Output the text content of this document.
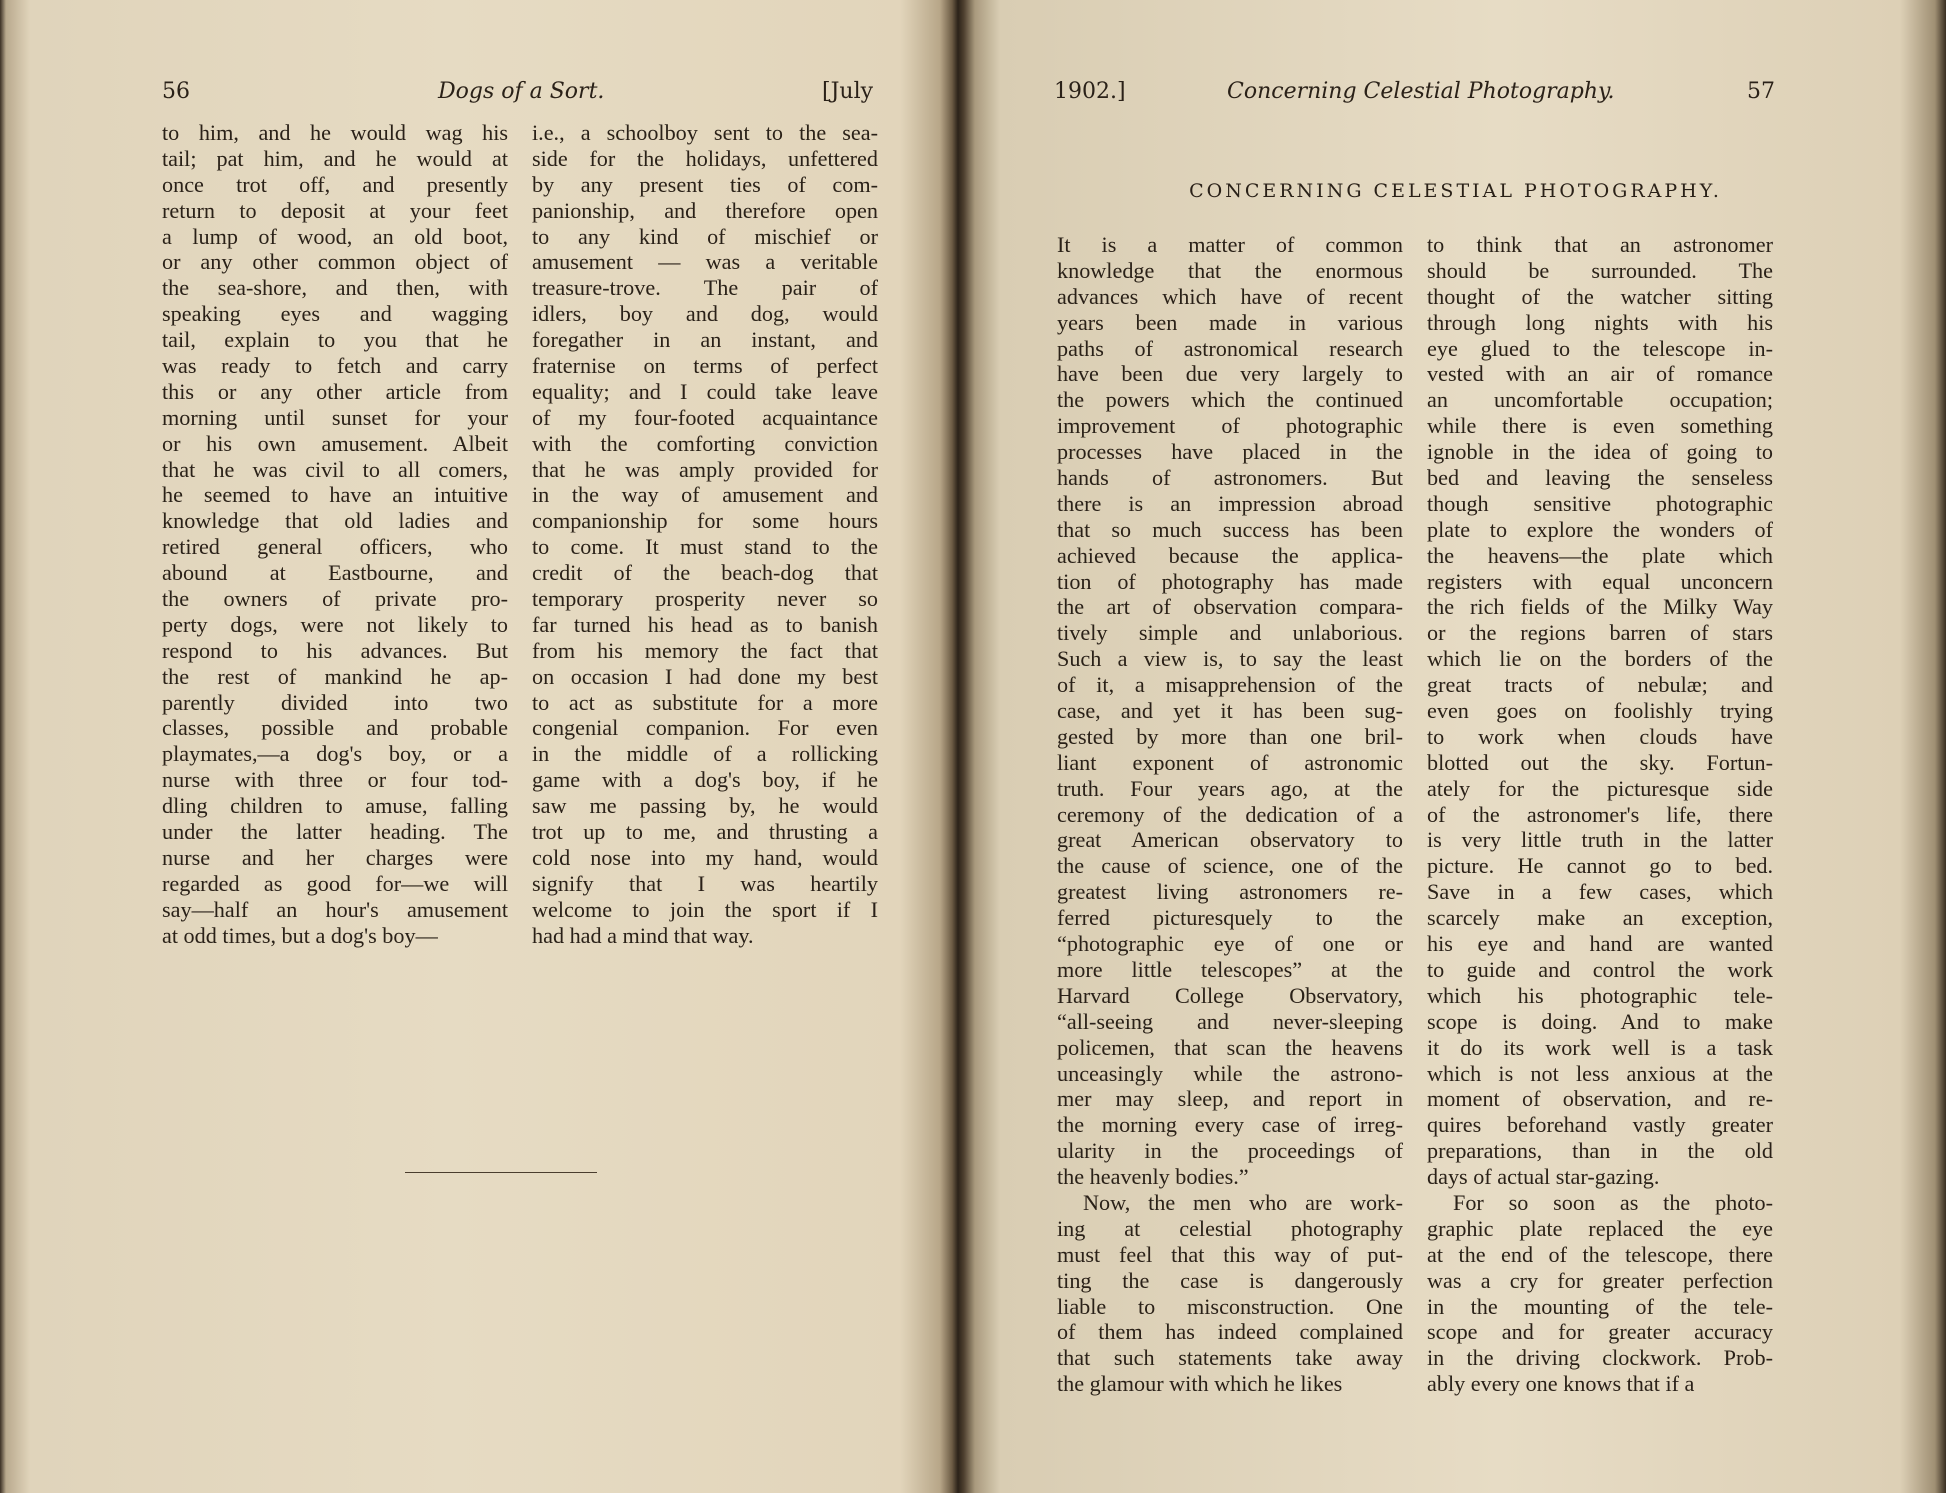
56	Dogs of a Sort.	[July
to him, and he would wag his
tail; pat him, and he would at
once trot off, and presently
return to deposit at your feet
a lump of wood, an old boot,
or any other common object of
the sea-shore, and then, with
speaking eyes and wagging
tail, explain to you that he
was ready to fetch and carry
this or any other article from
morning until sunset for your
or his own amusement. Albeit
that he was civil to all comers,
he seemed to have an intuitive
knowledge that old ladies and
retired general officers, who
abound at Eastbourne, and
the owners of private pro-
perty dogs, were not likely to
respond to his advances. But
the rest of mankind he ap-
parently divided into two
classes, possible and probable
playmates,—a dog's boy, or a
nurse with three or four tod-
dling children to amuse, falling
under the latter heading. The
nurse and her charges were
regarded as good for—we will
say—half an hour's amusement
at odd times, but a dog's boy—
i.e., a schoolboy sent to the sea-
side for the holidays, unfettered
by any present ties of com-
panionship, and therefore open
to any kind of mischief or
amusement — was a veritable
treasure-trove. The pair of
idlers, boy and dog, would
foregather in an instant, and
fraternise on terms of perfect
equality; and I could take leave
of my four-footed acquaintance
with the comforting conviction
that he was amply provided for
in the way of amusement and
companionship for some hours
to come. It must stand to the
credit of the beach-dog that
temporary prosperity never so
far turned his head as to banish
from his memory the fact that
on occasion I had done my best
to act as substitute for a more
congenial companion. For even
in the middle of a rollicking
game with a dog's boy, if he
saw me passing by, he would
trot up to me, and thrusting a
cold nose into my hand, would
signify that I was heartily
welcome to join the sport if I
had had a mind that way.
1902.]	Concerning Celestial Photography.	57
CONCERNING CELESTIAL PHOTOGRAPHY.
It is a matter of common
knowledge that the enormous
advances which have of recent
years been made in various
paths of astronomical research
have been due very largely to
the powers which the continued
improvement of photographic
processes have placed in the
hands of astronomers. But
there is an impression abroad
that so much success has been
achieved because the applica-
tion of photography has made
the art of observation compara-
tively simple and unlaborious.
Such a view is, to say the least
of it, a misapprehension of the
case, and yet it has been sug-
gested by more than one bril-
liant exponent of astronomic
truth. Four years ago, at the
ceremony of the dedication of a
great American observatory to
the cause of science, one of the
greatest living astronomers re-
ferred picturesquely to the
“photographic eye of one or
more little telescopes” at the
Harvard College Observatory,
“all-seeing and never-sleeping
policemen, that scan the heavens
unceasingly while the astrono-
mer may sleep, and report in
the morning every case of irreg-
ularity in the proceedings of
the heavenly bodies.”
Now, the men who are work-
ing at celestial photography
must feel that this way of put-
ting the case is dangerously
liable to misconstruction. One
of them has indeed complained
that such statements take away
the glamour with which he likes
to think that an astronomer
should be surrounded. The
thought of the watcher sitting
through long nights with his
eye glued to the telescope in-
vested with an air of romance
an uncomfortable occupation;
while there is even something
ignoble in the idea of going to
bed and leaving the senseless
though sensitive photographic
plate to explore the wonders of
the heavens—the plate which
registers with equal unconcern
the rich fields of the Milky Way
or the regions barren of stars
which lie on the borders of the
great tracts of nebulæ; and
even goes on foolishly trying
to work when clouds have
blotted out the sky. Fortun-
ately for the picturesque side
of the astronomer's life, there
is very little truth in the latter
picture. He cannot go to bed.
Save in a few cases, which
scarcely make an exception,
his eye and hand are wanted
to guide and control the work
which his photographic tele-
scope is doing. And to make
it do its work well is a task
which is not less anxious at the
moment of observation, and re-
quires beforehand vastly greater
preparations, than in the old
days of actual star-gazing.
For so soon as the photo-
graphic plate replaced the eye
at the end of the telescope, there
was a cry for greater perfection
in the mounting of the tele-
scope and for greater accuracy
in the driving clockwork. Prob-
ably every one knows that if a
